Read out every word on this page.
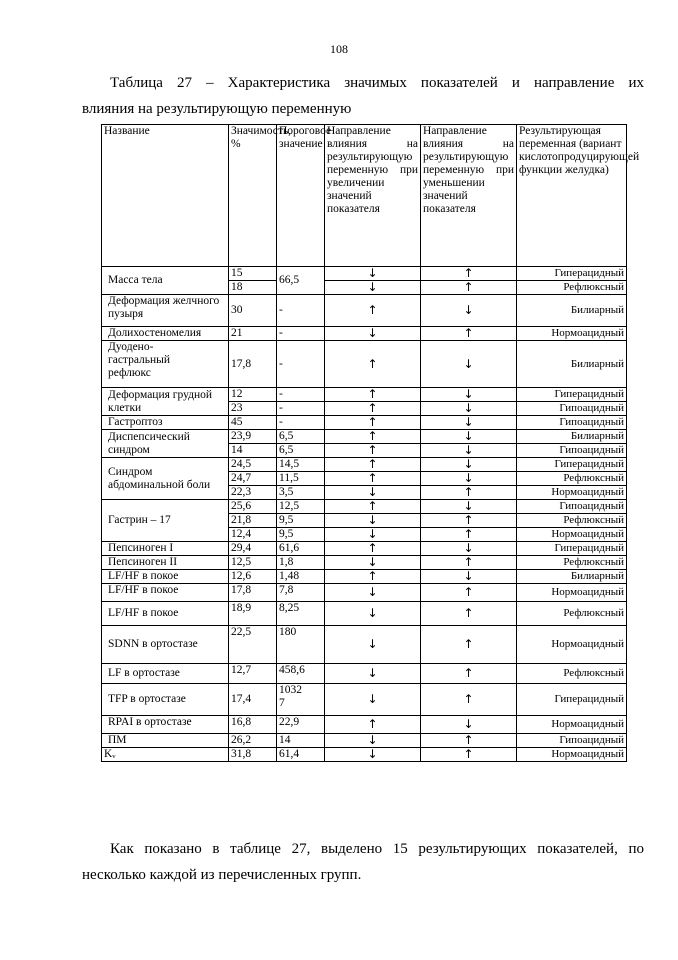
108
Таблица 27 – Характеристика значимых показателей и направление их
влияния на результирующую переменную
Название	Значимость, %	Пороговое значение	Направление влияния на результирующую переменную при увеличении значений показателя	Направление влияния на результирующую переменную при уменьшении значений показателя	Результирующая переменная (вариант кислотопродуцирующей функции желудка)
Масса тела	15	66,5	↓	↑	Гиперацидный
	18		↓	↑	Рефлюксный
Деформация желчного пузыря	30	-	↑	↓	Билиарный
Долихостеномелия	21	-	↓	↑	Нормоацидный

Дуодено-гастральный рефлюкс	17,8	-	↑	↓	Билиарный
Деформация грудной клетки	12	-	↑	↓	Гиперацидный
	23	-	↑	↓	Гипоацидный
Гастроптоз	45	-	↑	↓	Гипоацидный
Диспепсический синдром	23,9	6,5	↑	↓	Билиарный
	14	6,5	↑	↓	Гипоацидный
Синдром абдоминальной боли	24,5	14,5	↑	↓	Гиперацидный
	24,7	11,5	↑	↓	Рефлюксный
	22,3	3,5	↓	↑	Нормоацидный
Гастрин – 17	25,6	12,5	↑	↓	Гипоацидный
	21,8	9,5	↓	↑	Рефлюксный
	12,4	9,5	↓	↑	Нормоацидный
Пепсиноген I	29,4	61,6	↑	↓	Гиперацидный
Пепсиноген II	12,5	1,8	↓	↑	Рефлюксный
LF/HF в покое	12,6	1,48	↑	↓	Билиарный
LF/HF в покое	17,8	7,8	↓	↑	Нормоацидный
LF/HF в покое	18,9	8,25	↓	↑	Рефлюксный
SDNN в ортостазе	22,5	180	↓	↑	Нормоацидный
LF в ортостазе	12,7	458,6	↓	↑	Рефлюксный
TFP в ортостазе	17,4	10327	↓	↑	Гиперацидный
RPAI в ортостазе	16,8	22,9	↑	↓	Нормоацидный
ПМ	26,2	14	↓	↑	Гипоацидный
Kᵥ	31,8	61,4	↓	↑	Нормоацидный
Как показано в таблице 27, выделено 15 результирующих показателей, по
несколько каждой из перечисленных групп.
